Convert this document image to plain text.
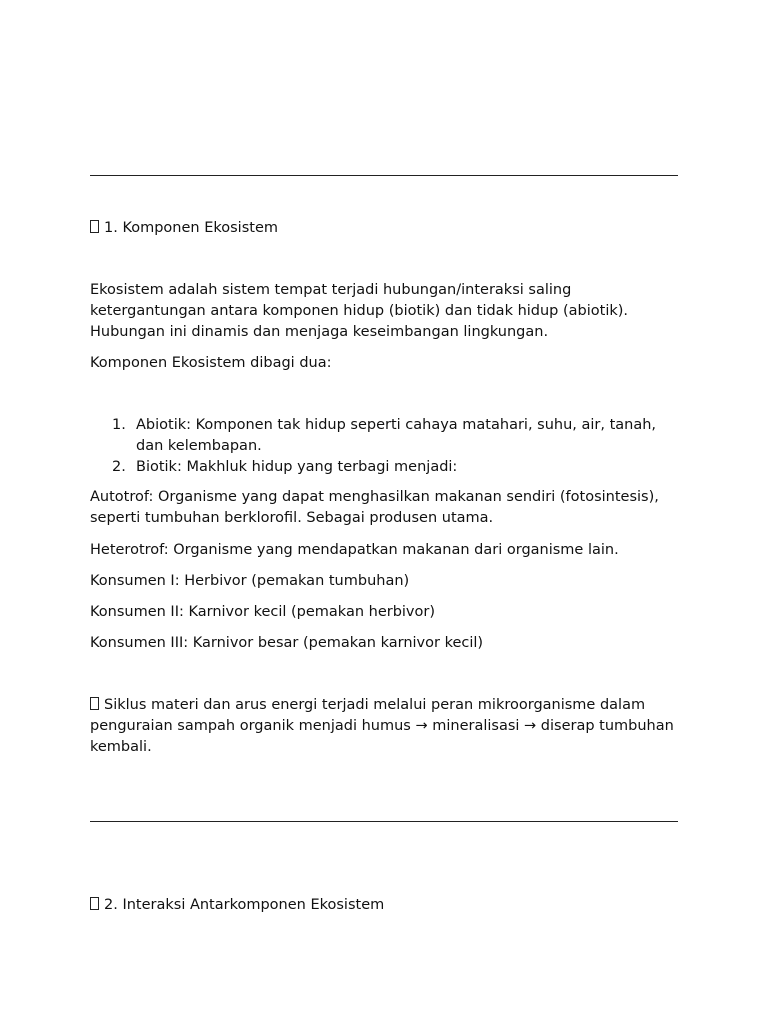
1. Komponen Ekosistem
Ekosistem adalah sistem tempat terjadi hubungan/interaksi saling ketergantungan antara komponen hidup (biotik) dan tidak hidup (abiotik). Hubungan ini dinamis dan menjaga keseimbangan lingkungan.
Komponen Ekosistem dibagi dua:
1. Abiotik: Komponen tak hidup seperti cahaya matahari, suhu, air, tanah, dan kelembapan.
2. Biotik: Makhluk hidup yang terbagi menjadi:
Autotrof: Organisme yang dapat menghasilkan makanan sendiri (fotosintesis), seperti tumbuhan berklorofil. Sebagai produsen utama.
Heterotrof: Organisme yang mendapatkan makanan dari organisme lain.
Konsumen I: Herbivor (pemakan tumbuhan)
Konsumen II: Karnivor kecil (pemakan herbivor)
Konsumen III: Karnivor besar (pemakan karnivor kecil)
Siklus materi dan arus energi terjadi melalui peran mikroorganisme dalam penguraian sampah organik menjadi humus → mineralisasi → diserap tumbuhan kembali.
2. Interaksi Antarkomponen Ekosistem
